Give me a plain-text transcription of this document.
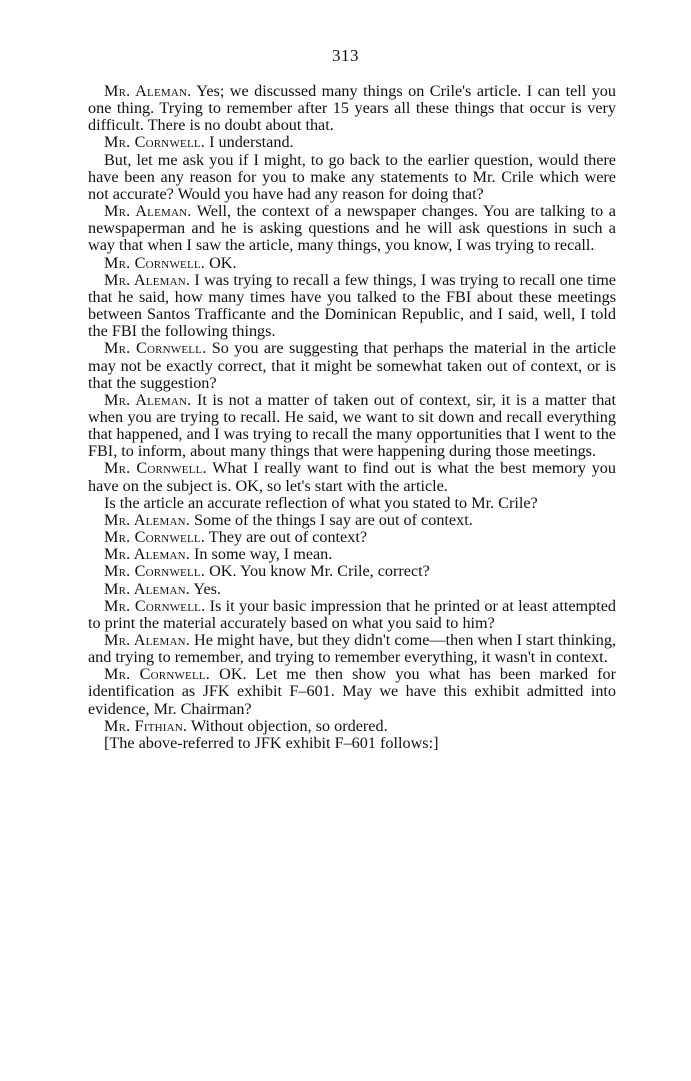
313

Mr. Aleman. Yes; we discussed many things on Crile's article. I can tell you one thing. Trying to remember after 15 years all these things that occur is very difficult. There is no doubt about that.

Mr. Cornwell. I understand.

But, let me ask you if I might, to go back to the earlier question, would there have been any reason for you to make any statements to Mr. Crile which were not accurate? Would you have had any reason for doing that?

Mr. Aleman. Well, the context of a newspaper changes. You are talking to a newspaperman and he is asking questions and he will ask questions in such a way that when I saw the article, many things, you know, I was trying to recall.

Mr. Cornwell. OK.

Mr. Aleman. I was trying to recall a few things, I was trying to recall one time that he said, how many times have you talked to the FBI about these meetings between Santos Trafficante and the Dominican Republic, and I said, well, I told the FBI the following things.

Mr. Cornwell. So you are suggesting that perhaps the material in the article may not be exactly correct, that it might be somewhat taken out of context, or is that the suggestion?

Mr. Aleman. It is not a matter of taken out of context, sir, it is a matter that when you are trying to recall. He said, we want to sit down and recall everything that happened, and I was trying to recall the many opportunities that I went to the FBI, to inform, about many things that were happening during those meetings.

Mr. Cornwell. What I really want to find out is what the best memory you have on the subject is. OK, so let's start with the article.

Is the article an accurate reflection of what you stated to Mr. Crile?

Mr. Aleman. Some of the things I say are out of context.

Mr. Cornwell. They are out of context?

Mr. Aleman. In some way, I mean.

Mr. Cornwell. OK. You know Mr. Crile, correct?

Mr. Aleman. Yes.

Mr. Cornwell. Is it your basic impression that he printed or at least attempted to print the material accurately based on what you said to him?

Mr. Aleman. He might have, but they didn't come—then when I start thinking, and trying to remember, and trying to remember everything, it wasn't in context.

Mr. Cornwell. OK. Let me then show you what has been marked for identification as JFK exhibit F–601. May we have this exhibit admitted into evidence, Mr. Chairman?

Mr. Fithian. Without objection, so ordered.

[The above-referred to JFK exhibit F–601 follows:]
